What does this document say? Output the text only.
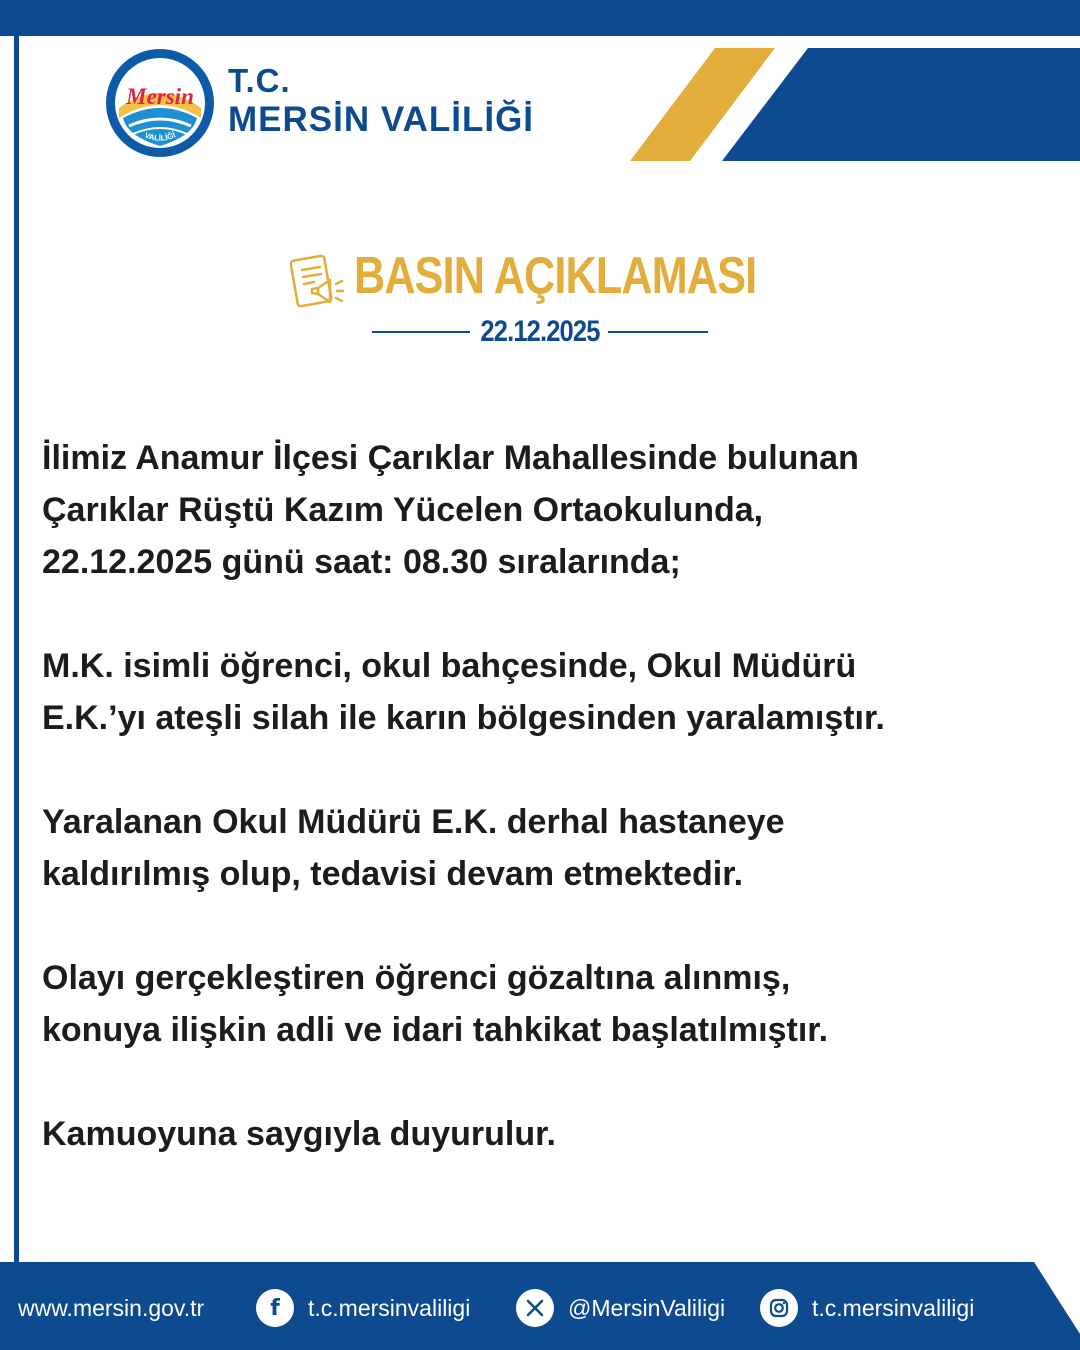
TÜRKİYE CUMHURİYETİ
Mersin
VALİLİĞİ
T.C.
MERSİN VALİLİĞİ
BASIN AÇIKLAMASI
22.12.2025

İlimiz Anamur İlçesi Çarıklar Mahallesinde bulunan
Çarıklar Rüştü Kazım Yücelen Ortaokulunda,
22.12.2025 günü saat: 08.30 sıralarında;

M.K. isimli öğrenci, okul bahçesinde, Okul Müdürü
E.K.’yı ateşli silah ile karın bölgesinden yaralamıştır.

Yaralanan Okul Müdürü E.K. derhal hastaneye
kaldırılmış olup, tedavisi devam etmektedir.

Olayı gerçekleştiren öğrenci gözaltına alınmış,
konuya ilişkin adli ve idari tahkikat başlatılmıştır.

Kamuoyuna saygıyla duyurulur.

www.mersin.gov.tr	f	t.c.mersinvaliligi	@MersinValiligi	t.c.mersinvaliligi
